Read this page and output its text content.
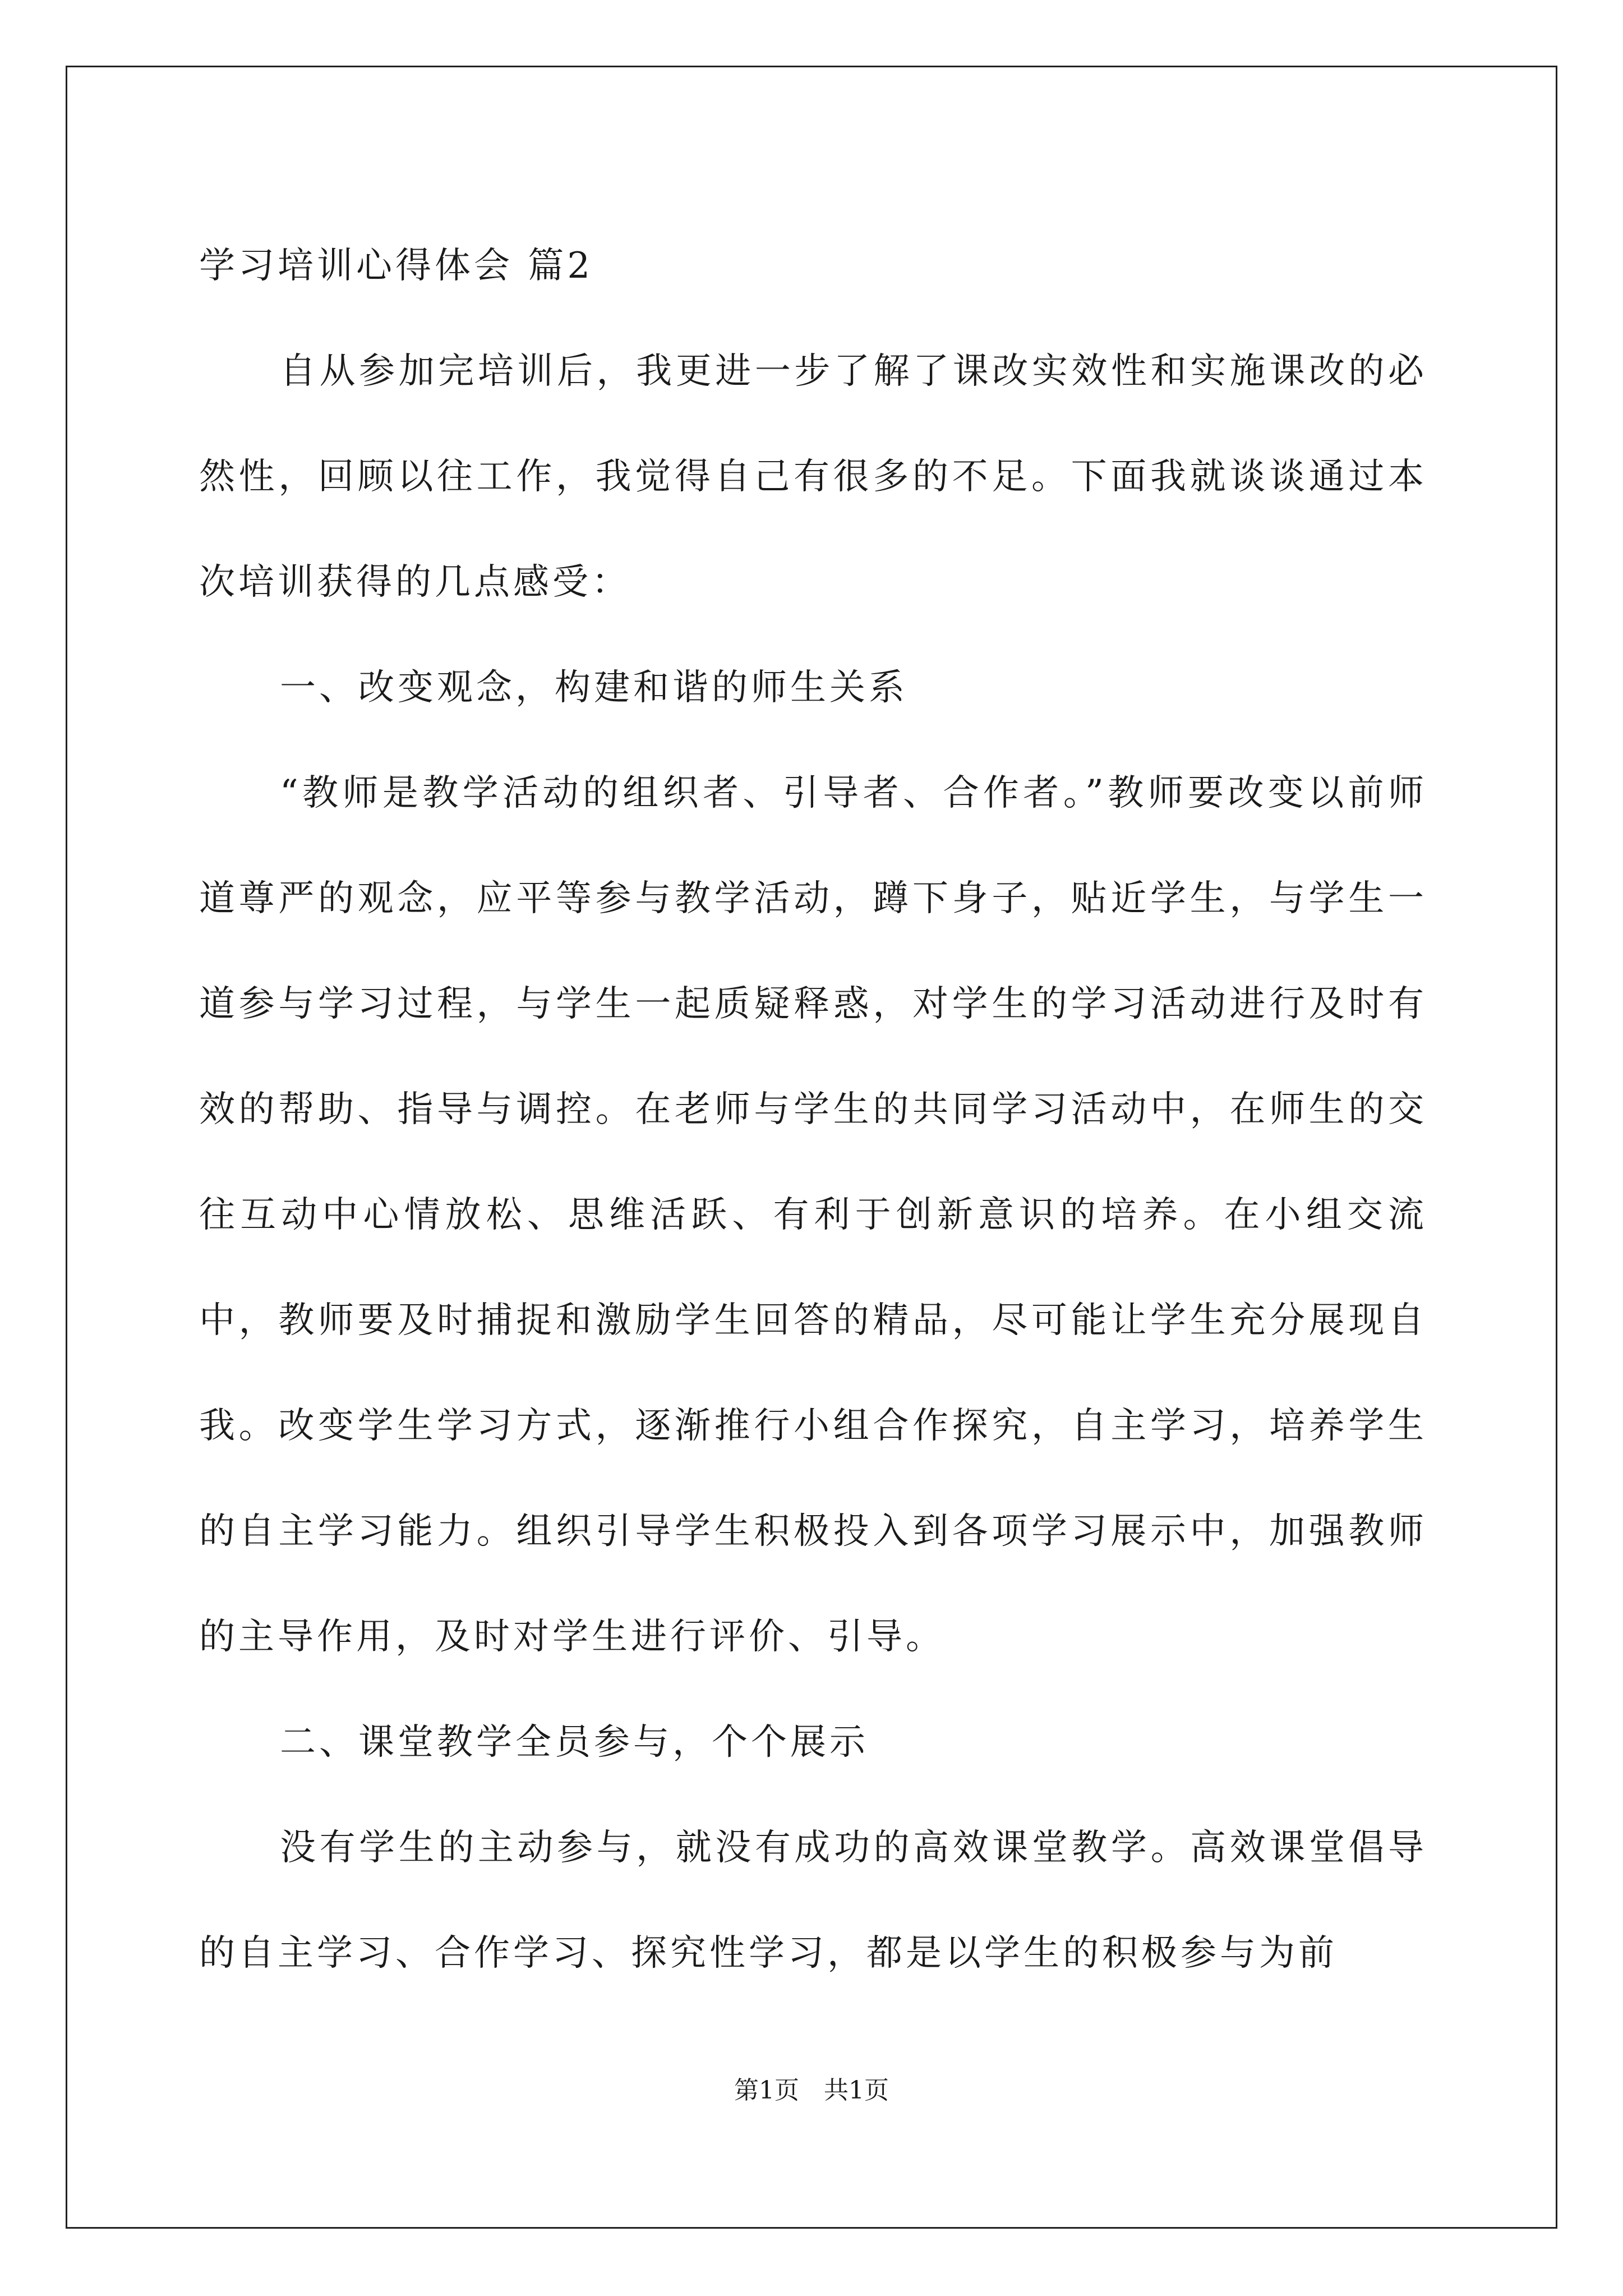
学习培训心得体会 篇2

自从参加完培训后，我更进一步了解了课改实效性和实施课改的必然性，回顾以往工作，我觉得自己有很多的不足。下面我就谈谈通过本次培训获得的几点感受：

一、改变观念，构建和谐的师生关系

“教师是教学活动的组织者、引导者、合作者。”教师要改变以前师道尊严的观念，应平等参与教学活动，蹲下身子，贴近学生，与学生一道参与学习过程，与学生一起质疑释惑，对学生的学习活动进行及时有效的帮助、指导与调控。在老师与学生的共同学习活动中，在师生的交往互动中心情放松、思维活跃、有利于创新意识的培养。在小组交流中，教师要及时捕捉和激励学生回答的精品，尽可能让学生充分展现自我。改变学生学习方式，逐渐推行小组合作探究，自主学习，培养学生的自主学习能力。组织引导学生积极投入到各项学习展示中，加强教师的主导作用，及时对学生进行评价、引导。

二、课堂教学全员参与，个个展示

没有学生的主动参与，就没有成功的高效课堂教学。高效课堂倡导的自主学习、合作学习、探究性学习，都是以学生的积极参与为前

第1页　共1页
